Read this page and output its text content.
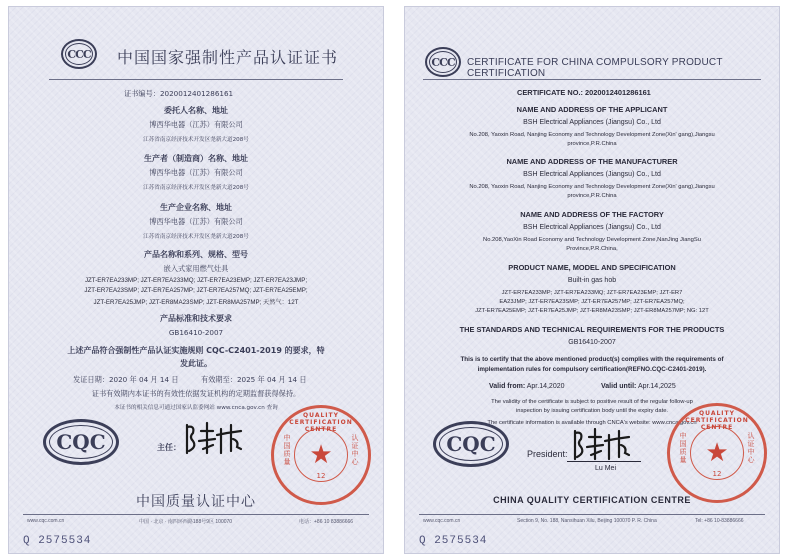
CCC 中国国家强制性产品认证证书
证书编号：2020012401286161
委托人名称、地址
博西华电器（江苏）有限公司
江苏省南京经济技术开发区尧新大道208号
生产者（制造商）名称、地址
博西华电器（江苏）有限公司
江苏省南京经济技术开发区尧新大道208号
生产企业名称、地址
博西华电器（江苏）有限公司
江苏省南京经济技术开发区尧新大道208号
产品名称和系列、规格、型号
嵌入式家用燃气灶具
JZT-ER7EA233MP; JZT-ER7EA233MQ; JZT-ER7EA23EMP; JZT-ER7EA23JMP;
JZT-ER7EA23SMP; JZT-ER7EA257MP; JZT-ER7EA257MQ; JZT-ER7EA25EMP;
JZT-ER7EA25JMP; JZT-ER8MA23SMP; JZT-ER8MA257MP; 天然气：12T
产品标准和技术要求
GB16410-2007
上述产品符合强制性产品认证实施规则 CQC-C2401-2019 的要求，特
发此证。
发证日期：2020 年 04 月 14 日	有效期至：2025 年 04 月 14 日
证书有效期内本证书的有效性依据发证机构的定期监督获得保持。
本证书的相关信息可通过国家认监委网站 www.cnca.gov.cn 查询
CQC	主任：
QUALITY CERTIFICATION CENTRE
中国质量
认证中心
★
12
中国质量认证中心
www.cqc.com.cn	中国 · 北京 · 南四环西路188号9区 100070	电话：+86 10 83886666
Q 2575534
CCC CERTIFICATE FOR CHINA COMPULSORY PRODUCT CERTIFICATION
CERTIFICATE NO.: 2020012401286161
NAME AND ADDRESS OF THE APPLICANT
BSH Electrical Appliances (Jiangsu) Co., Ltd
No.208, Yaoxin Road, Nanjing Economy and Technology Development Zone(Xin' gang),Jiangsu
province,P.R.China
NAME AND ADDRESS OF THE MANUFACTURER
BSH Electrical Appliances (Jiangsu) Co., Ltd
No.208, Yaoxin Road, Nanjing Economy and Technology Development Zone(Xin' gang),Jiangsu
province,P.R.China
NAME AND ADDRESS OF THE FACTORY
BSH Electrical Appliances (Jiangsu) Co., Ltd
No.208,YaoXin Road Economy and Technology Development Zone,NanJing JiangSu
Province,P.R.China,
PRODUCT NAME, MODEL AND SPECIFICATION
Built-in gas hob
JZT-ER7EA233MP; JZT-ER7EA233MQ; JZT-ER7EA23EMP; JZT-ER7
EA23JMP; JZT-ER7EA23SMP; JZT-ER7EA257MP; JZT-ER7EA257MQ;
JZT-ER7EA25EMP; JZT-ER7EA25JMP; JZT-ER8MA23SMP; JZT-ER8MA257MP; NG: 12T
THE STANDARDS AND TECHNICAL REQUIREMENTS FOR THE PRODUCTS
GB16410-2007
This is to certify that the above mentioned product(s) complies with the requirements of
implementation rules for compulsory certification(REFNO.CQC-C2401-2019).
Valid from: Apr.14,2020	Valid until: Apr.14,2025
The validity of the certificate is subject to positive result of the regular follow-up
inspection by issuing certification body until the expiry date.
The certificate information is available through CNCA's website: www.cnca.gov.cn
CQC	President:
Lu Mei
QUALITY CERTIFICATION CENTRE
中国质量
认证中心
★
12
CHINA QUALITY CERTIFICATION CENTRE
www.cqc.com.cn	Section 9, No. 188, Nansihuan Xilu, Beijing 100070 P. R. China	Tel: +86 10-83886666
Q 2575534
